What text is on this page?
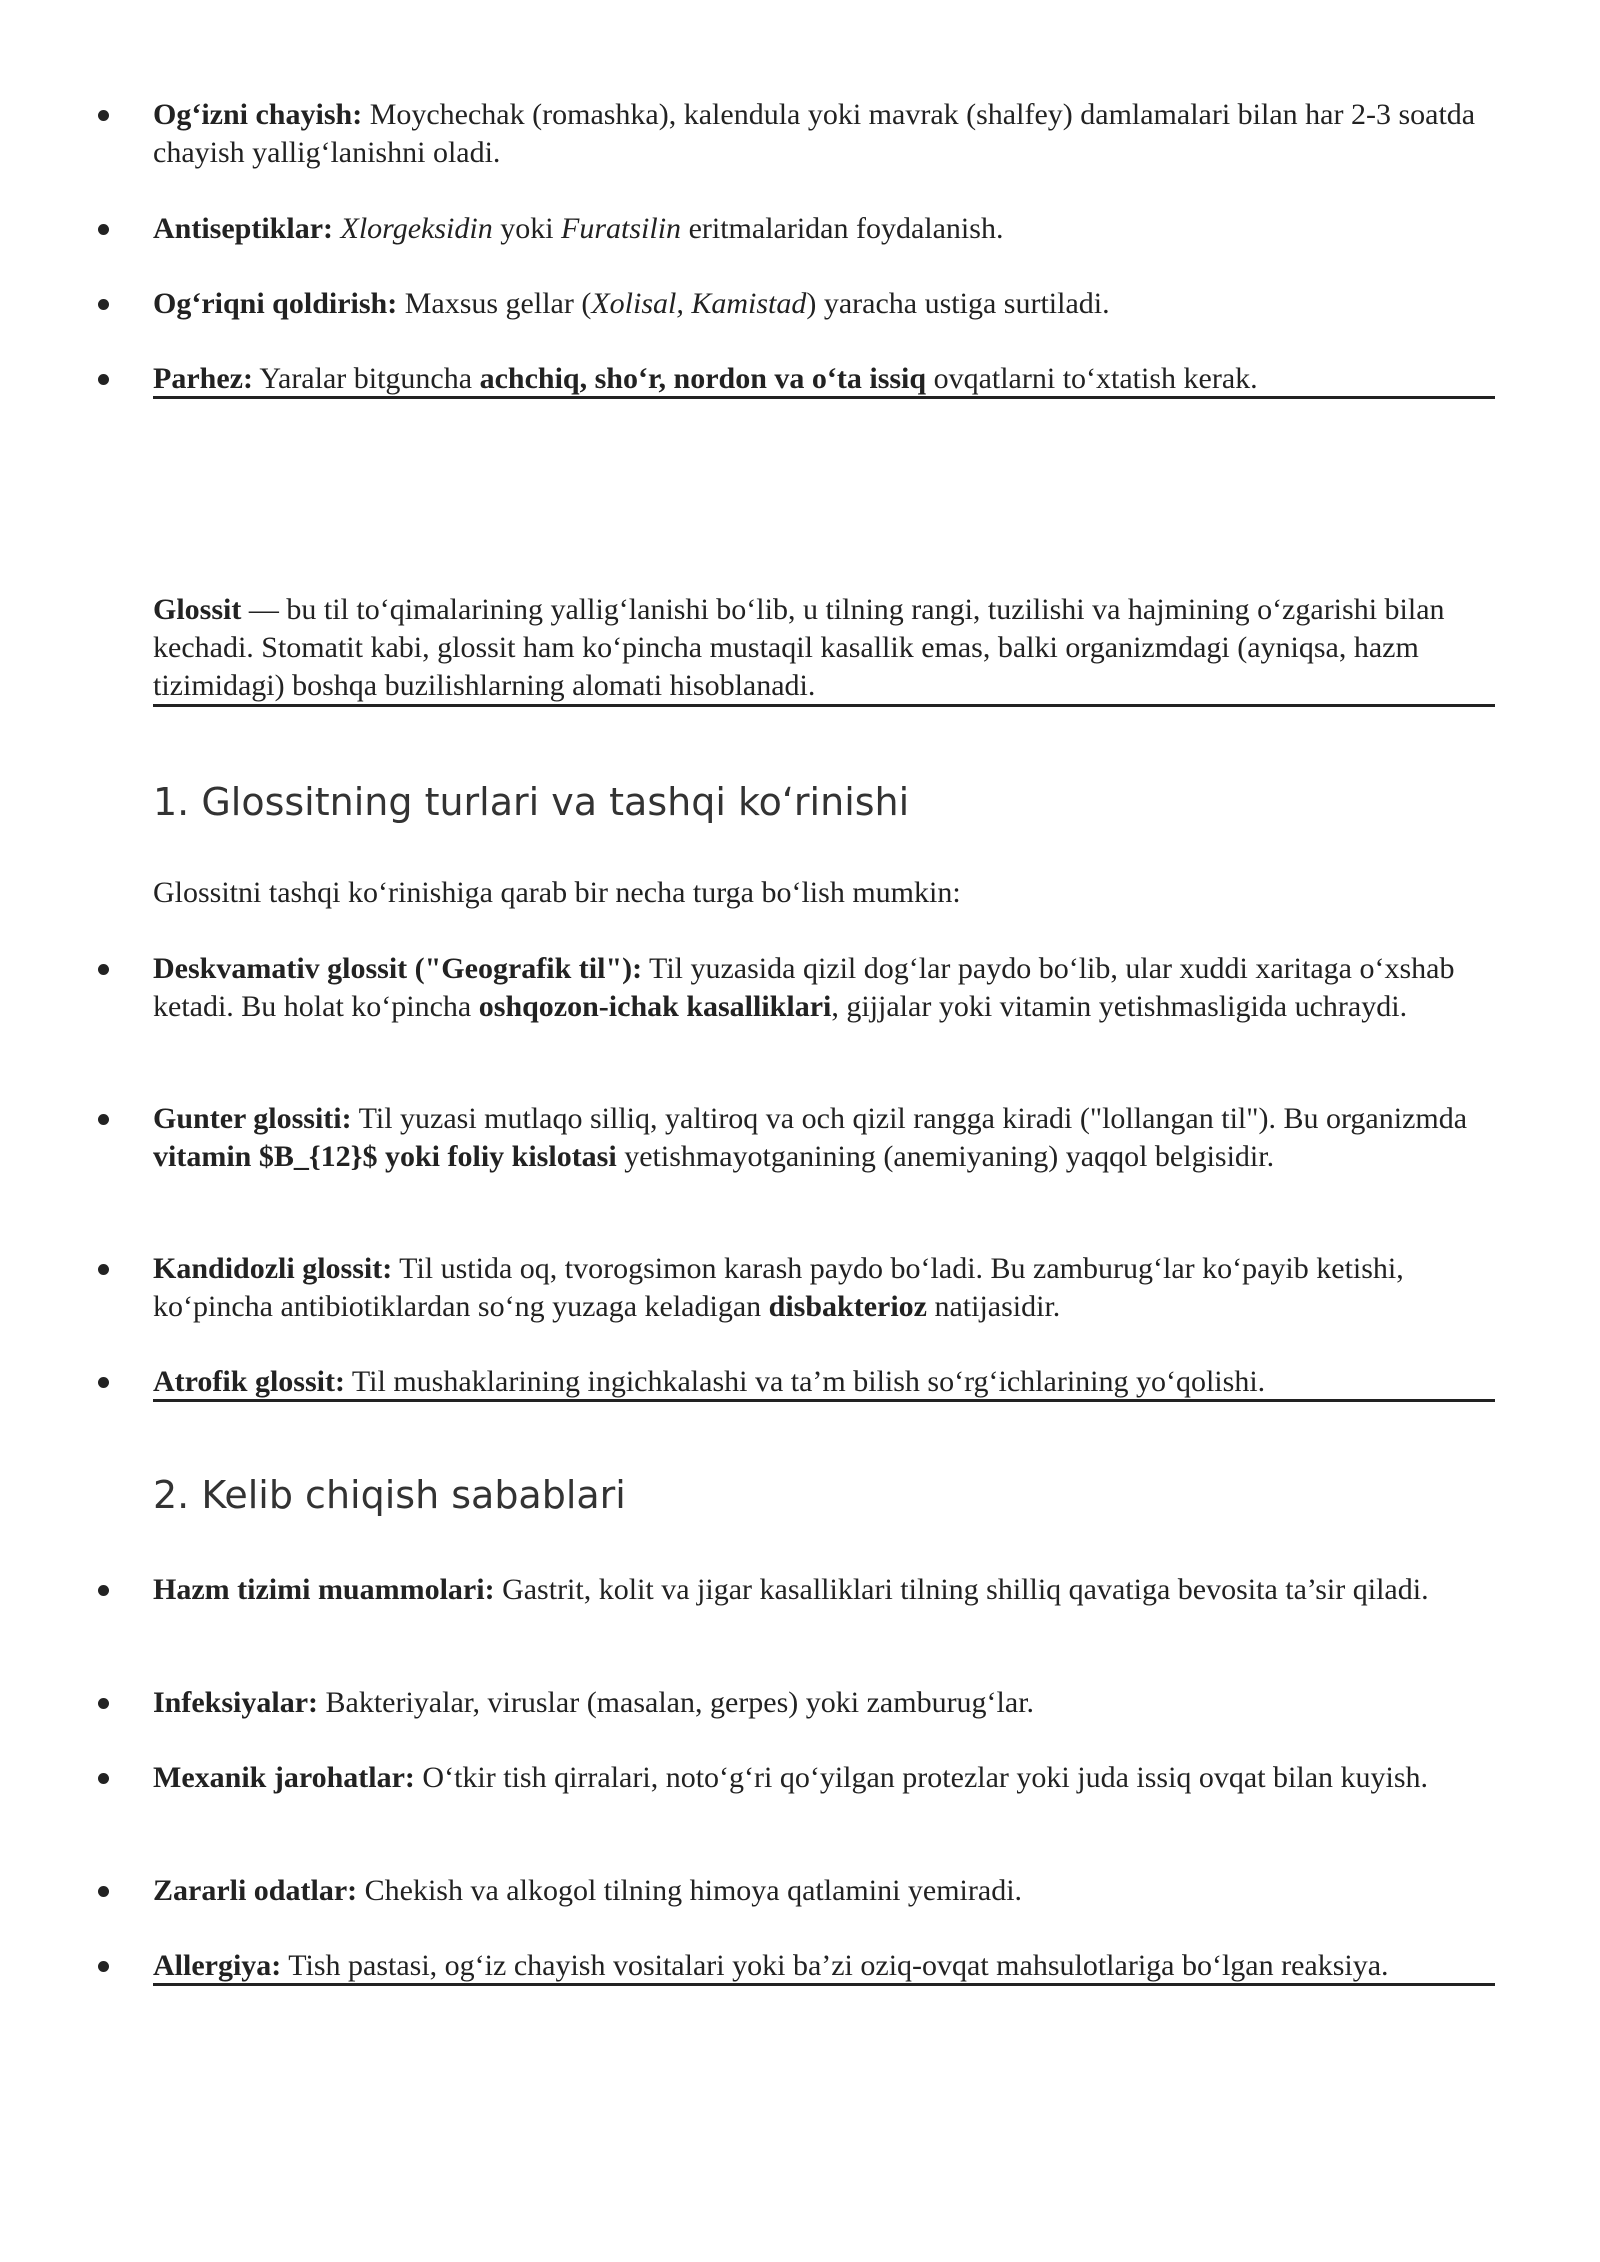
Og‘izni chayish: Moychechak (romashka), kalendula yoki mavrak (shalfey) damlamalari bilan har 2-3 soatda chayish yallig‘lanishni oladi.
Antiseptiklar: Xlorgeksidin yoki Furatsilin eritmalaridan foydalanish.
Og‘riqni qoldirish: Maxsus gellar (Xolisal, Kamistad) yaracha ustiga surtiladi.
Parhez: Yaralar bitguncha achchiq, sho‘r, nordon va o‘ta issiq ovqatlarni to‘xtatish kerak.
Glossit — bu til to‘qimalarining yallig‘lanishi bo‘lib, u tilning rangi, tuzilishi va hajmining o‘zgarishi bilan kechadi. Stomatit kabi, glossit ham ko‘pincha mustaqil kasallik emas, balki organizmdagi (ayniqsa, hazm tizimidagi) boshqa buzilishlarning alomati hisoblanadi.
1. Glossitning turlari va tashqi ko‘rinishi
Glossitni tashqi ko‘rinishiga qarab bir necha turga bo‘lish mumkin:
Deskvamativ glossit ("Geografik til"): Til yuzasida qizil dog‘lar paydo bo‘lib, ular xuddi xaritaga o‘xshab ketadi. Bu holat ko‘pincha oshqozon-ichak kasalliklari, gijjalar yoki vitamin yetishmasligida uchraydi.
Gunter glossiti: Til yuzasi mutlaqo silliq, yaltiroq va och qizil rangga kiradi ("lollangan til"). Bu organizmda vitamin $B_{12}$ yoki foliy kislotasi yetishmayotganining (anemiyaning) yaqqol belgisidir.
Kandidozli glossit: Til ustida oq, tvorogsimon karash paydo bo‘ladi. Bu zamburug‘lar ko‘payib ketishi, ko‘pincha antibiotiklardan so‘ng yuzaga keladigan disbakterioz natijasidir.
Atrofik glossit: Til mushaklarining ingichkalashi va ta’m bilish so‘rg‘ichlarining yo‘qolishi.
2. Kelib chiqish sabablari
Hazm tizimi muammolari: Gastrit, kolit va jigar kasalliklari tilning shilliq qavatiga bevosita ta’sir qiladi.
Infeksiyalar: Bakteriyalar, viruslar (masalan, gerpes) yoki zamburug‘lar.
Mexanik jarohatlar: O‘tkir tish qirralari, noto‘g‘ri qo‘yilgan protezlar yoki juda issiq ovqat bilan kuyish.
Zararli odatlar: Chekish va alkogol tilning himoya qatlamini yemiradi.
Allergiya: Tish pastasi, og‘iz chayish vositalari yoki ba’zi oziq-ovqat mahsulotlariga bo‘lgan reaksiya.
